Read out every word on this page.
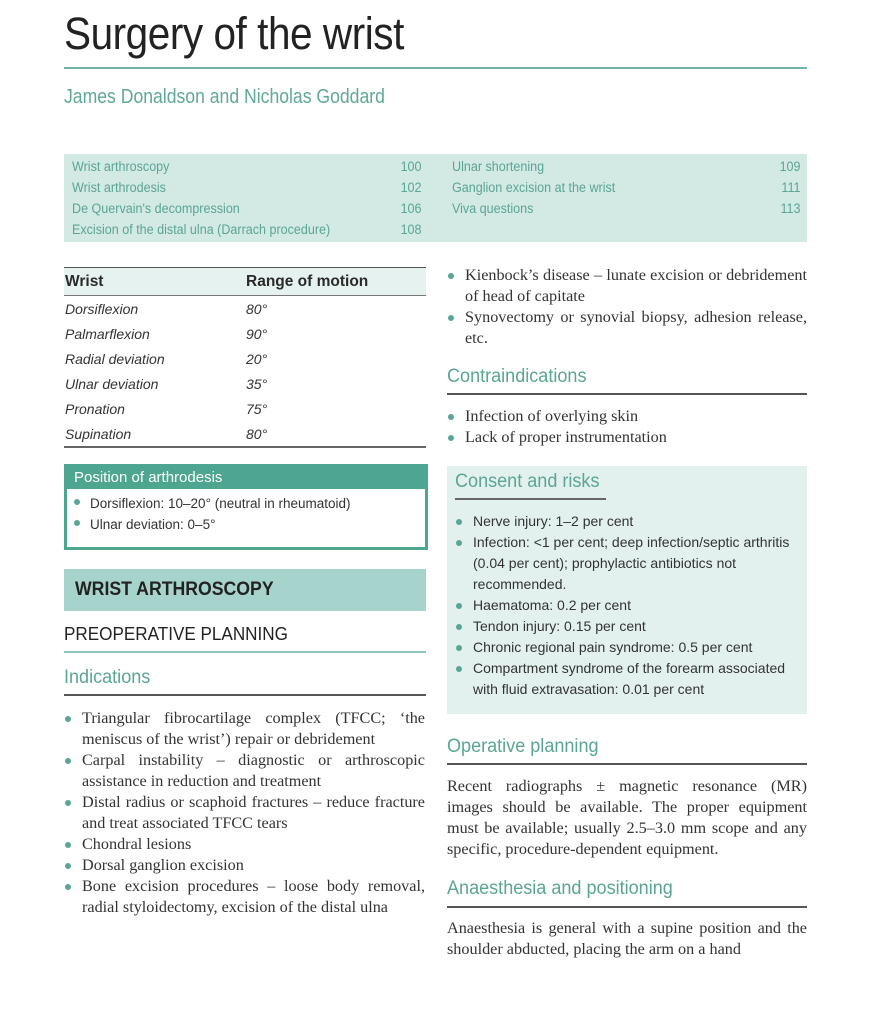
Surgery of the wrist
James Donaldson and Nicholas Goddard
Wrist arthroscopy	100
Wrist arthrodesis	102
De Quervain's decompression	106
Excision of the distal ulna (Darrach procedure)	108
Ulnar shortening	109
Ganglion excision at the wrist	111
Viva questions	113
Wrist	Range of motion
Dorsiflexion	80°
Palmarflexion	90°
Radial deviation	20°
Ulnar deviation	35°
Pronation	75°
Supination	80°
Position of arthrodesis
Dorsiflexion: 10–20° (neutral in rheumatoid)
Ulnar deviation: 0–5°
WRIST ARTHROSCOPY
PREOPERATIVE PLANNING
Indications
Triangular fibrocartilage complex (TFCC; ‘the meniscus of the wrist’) repair or debridement
Carpal instability – diagnostic or arthroscopic assistance in reduction and treatment
Distal radius or scaphoid fractures – reduce fracture and treat associated TFCC tears
Chondral lesions
Dorsal ganglion excision
Bone excision procedures – loose body removal, radial styloidectomy, excision of the distal ulna
Kienbock’s disease – lunate excision or debridement of head of capitate
Synovectomy or synovial biopsy, adhesion release, etc.
Contraindications
Infection of overlying skin
Lack of proper instrumentation
Consent and risks
Nerve injury: 1–2 per cent
Infection: <1 per cent; deep infection/septic arthritis (0.04 per cent); prophylactic antibiotics not recommended.
Haematoma: 0.2 per cent
Tendon injury: 0.15 per cent
Chronic regional pain syndrome: 0.5 per cent
Compartment syndrome of the forearm associated with fluid extravasation: 0.01 per cent
Operative planning
Recent radiographs ± magnetic resonance (MR) images should be available. The proper equipment must be available; usually 2.5–3.0 mm scope and any specific, procedure-dependent equipment.
Anaesthesia and positioning
Anaesthesia is general with a supine position and the shoulder abducted, placing the arm on a hand
